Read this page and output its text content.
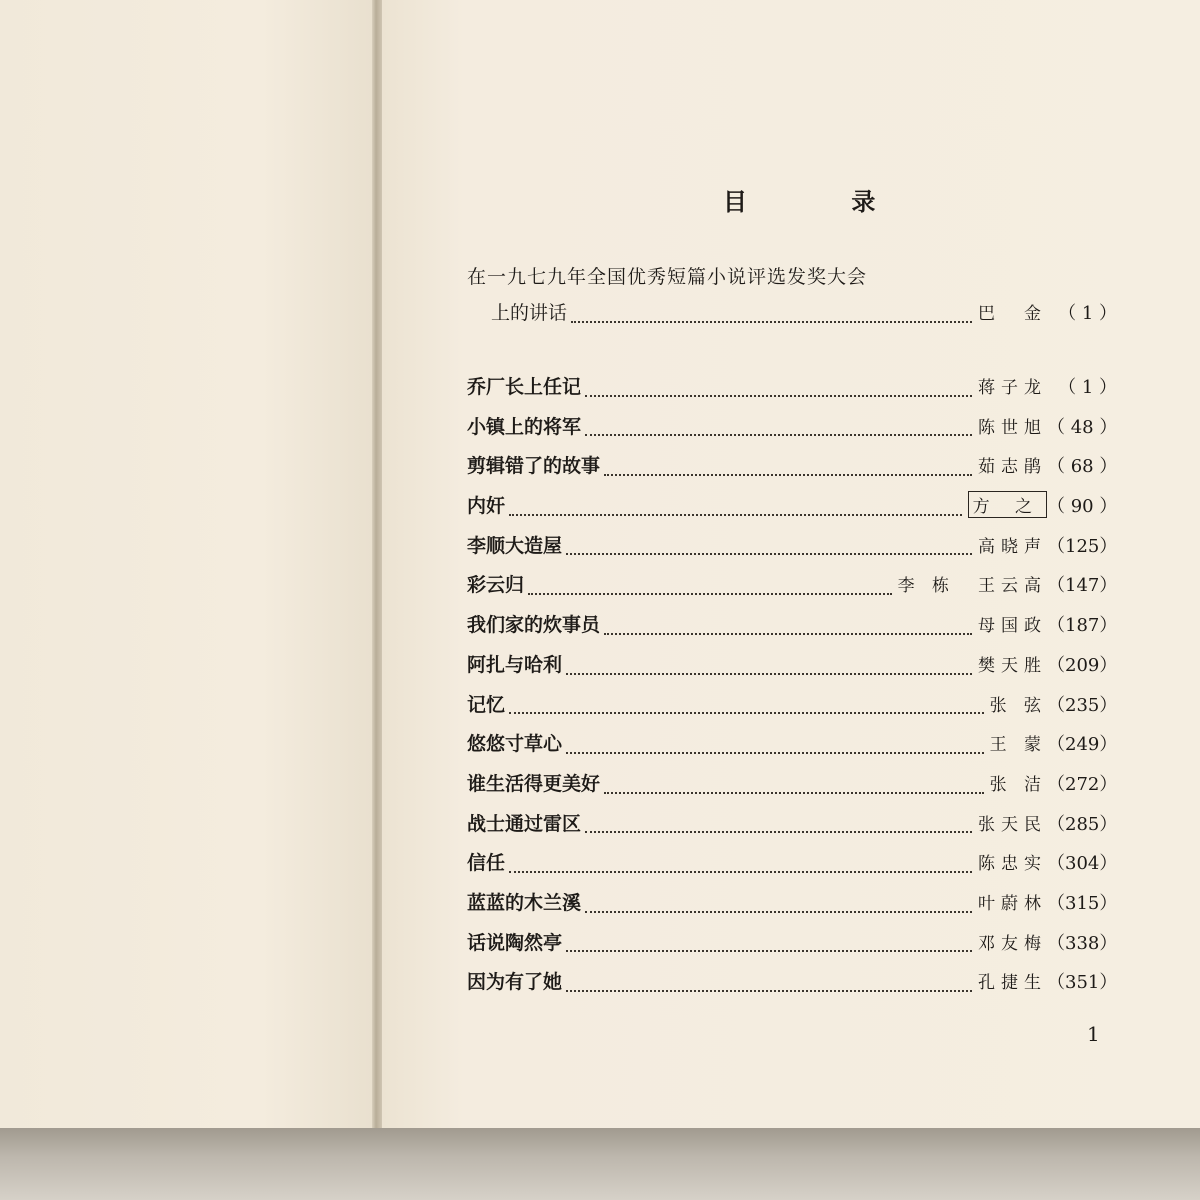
目 录
在一九七九年全国优秀短篇小说评选发奖大会
上的讲话	巴　金 （ 1 ）
乔厂长上任记	蒋子龙 （ 1 ）
小镇上的将军	陈世旭 （ 48 ）
剪辑错了的故事	茹志鹃 （ 68 ）
内奸	方 之 （ 90 ）
李顺大造屋	高晓声 （125）
彩云归	李 栋　王云高 （147）
我们家的炊事员	母国政 （187）
阿扎与哈利	樊天胜 （209）
记忆	张 弦 （235）
悠悠寸草心	王 蒙 （249）
谁生活得更美好	张 洁 （272）
战士通过雷区	张天民 （285）
信任	陈忠实 （304）
蓝蓝的木兰溪	叶蔚林 （315）
话说陶然亭	邓友梅 （338）
因为有了她	孔捷生 （351）
1
